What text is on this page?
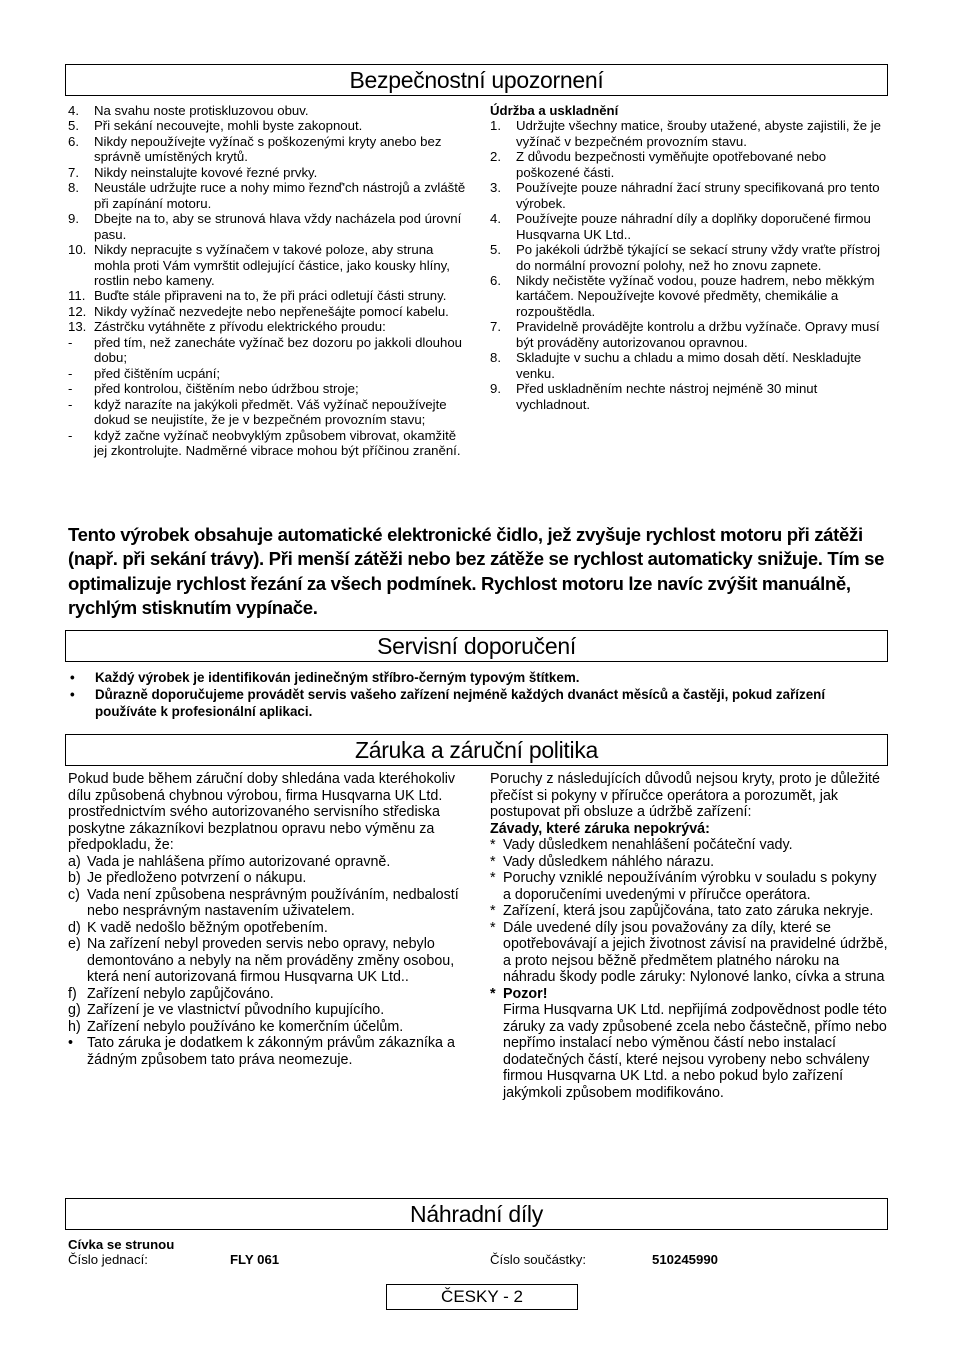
Bezpečnostní upozornení
4. Na svahu noste protiskluzovou obuv.
5. Při sekání necouvejte, mohli byste zakopnout.
6. Nikdy nepoužívejte vyžínač s poškozenými kryty anebo bez správně umístěných krytů.
7. Nikdy neinstalujte kovové řezné prvky.
8. Neustále udržujte ruce a nohy mimo řeznď'ch nástrojů a zvláště při zapínání motoru.
9. Dbejte na to, aby se strunová hlava vždy nacházela pod úrovní pasu.
10. Nikdy nepracujte s vyžínačem v takové poloze, aby struna mohla proti Vám vymrštit odlejující částice, jako kousky hlíny, rostlin nebo kameny.
11. Buďte stále připraveni na to, že při práci odletují části struny.
12. Nikdy vyžínač nezvedejte nebo nepřenešájte pomocí kabelu.
13. Zástrčku vytáhněte z přívodu elektrického proudu:
- před tím, než zanecháte vyžínač bez dozoru po jakkoli dlouhou dobu;
- před čištěním ucpání;
- před kontrolou, čištěním nebo údržbou stroje;
- když narazíte na jakýkoli předmět. Váš vyžínač nepoužívejte dokud se neujistíte, že je v bezpečném provozním stavu;
- když začne vyžínač neobvyklým způsobem vibrovat, okamžitě jej zkontrolujte. Nadměrné vibrace mohou být příčinou zranění.
Údržba a uskladnění
1. Udržujte všechny matice, šrouby utažené, abyste zajistili, že je vyžínač v bezpečném provozním stavu.
2. Z důvodu bezpečnosti vyměňujte opotřebované nebo poškozené části.
3. Používejte pouze náhradní žací struny specifikovaná pro tento výrobek.
4. Používejte pouze náhradní díly a doplňky doporučené firmou Husqvarna UK Ltd..
5. Po jakékoli údržbě týkající se sekací struny vždy vraťte přístroj do normální provozní polohy, než ho znovu zapnete.
6. Nikdy nečistěte vyžínač vodou, pouze hadrem, nebo měkkým kartáčem. Nepoužívejte kovové předměty, chemikálie a rozpouštědla.
7. Pravidelně provádějte kontrolu a držbu vyžínače. Opravy musí být prováděny autorizovanou opravnou.
8. Skladujte v suchu a chladu a mimo dosah dětí. Neskladujte venku.
9. Před uskladněním nechte nástroj nejméně 30 minut vychladnout.
Tento výrobek obsahuje automatické elektronické čidlo, jež zvyšuje rychlost motoru při zátěži (např. při sekání trávy). Při menší zátěži nebo bez zátěže se rychlost automaticky snižuje. Tím se optimalizuje rychlost řezání za všech podmínek. Rychlost motoru lze navíc zvýšit manuálně, rychlým stisknutím vypínače.
Servisní doporučení
• Každý výrobek je identifikován jedinečným stříbro-černým typovým štítkem.
• Důrazně doporučujeme provádět servis vašeho zařízení nejméně každých dvanáct měsíců a častěji, pokud zařízení používáte k profesionální aplikaci.
Záruka a záruční politika
Pokud bude během záruční doby shledána vada kteréhokoliv dílu způsobená chybnou výrobou, firma Husqvarna UK Ltd. prostřednictvím svého autorizovaného servisního střediska poskytne zákazníkovi bezplatnou opravu nebo výměnu za předpokladu, že:
a) Vada je nahlášena přímo autorizované opravně.
b) Je předloženo potvrzení o nákupu.
c) Vada není způsobena nesprávným používáním, nedbalostí nebo nesprávným nastavením uživatelem.
d) K vadě nedošlo běžným opotřebením.
e) Na zařízení nebyl proveden servis nebo opravy, nebylo demontováno a nebyly na něm prováděny změny osobou, která není autorizovaná firmou Husqvarna UK Ltd..
f) Zařízení nebylo zapůjčováno.
g) Zařízení je ve vlastnictví původního kupujícího.
h) Zařízení nebylo používáno ke komerčním účelům.
• Tato záruka je dodatkem k zákonným právům zákazníka a žádným způsobem tato práva neomezuje.
Poruchy z následujících důvodů nejsou kryty, proto je důležité přečíst si pokyny v příručce operátora a porozumět, jak postupovat při obsluze a údržbě zařízení:
Závady, které záruka nepokrývá:
* Vady důsledkem nenahlášení počáteční vady.
* Vady důsledkem náhlého nárazu.
* Poruchy vzniklé nepoužíváním výrobku v souladu s pokyny a doporučeními uvedenými v příručce operátora.
* Zařízení, která jsou zapůjčována, tato zato záruka nekryje.
* Dále uvedené díly jsou považovány za díly, které se opotřebovávají a jejich životnost závisí na pravidelné údržbě, a proto nejsou běžně předmětem platného nároku na náhradu škody podle záruky: Nylonové lanko, cívka a struna
* Pozor!
Firma Husqvarna UK Ltd. nepřijímá zodpovědnost podle této záruky za vady způsobené zcela nebo částečně, přímo nebo nepřímo instalací nebo výměnou částí nebo instalací dodatečných částí, které nejsou vyrobeny nebo schváleny firmou Husqvarna UK Ltd. a nebo pokud bylo zařízení jakýmkoli způsobem modifikováno.
Náhradní díly
Cívka se strunou
Číslo jednací:	FLY 061	Číslo součástky:	510245990
ČESKY - 2
